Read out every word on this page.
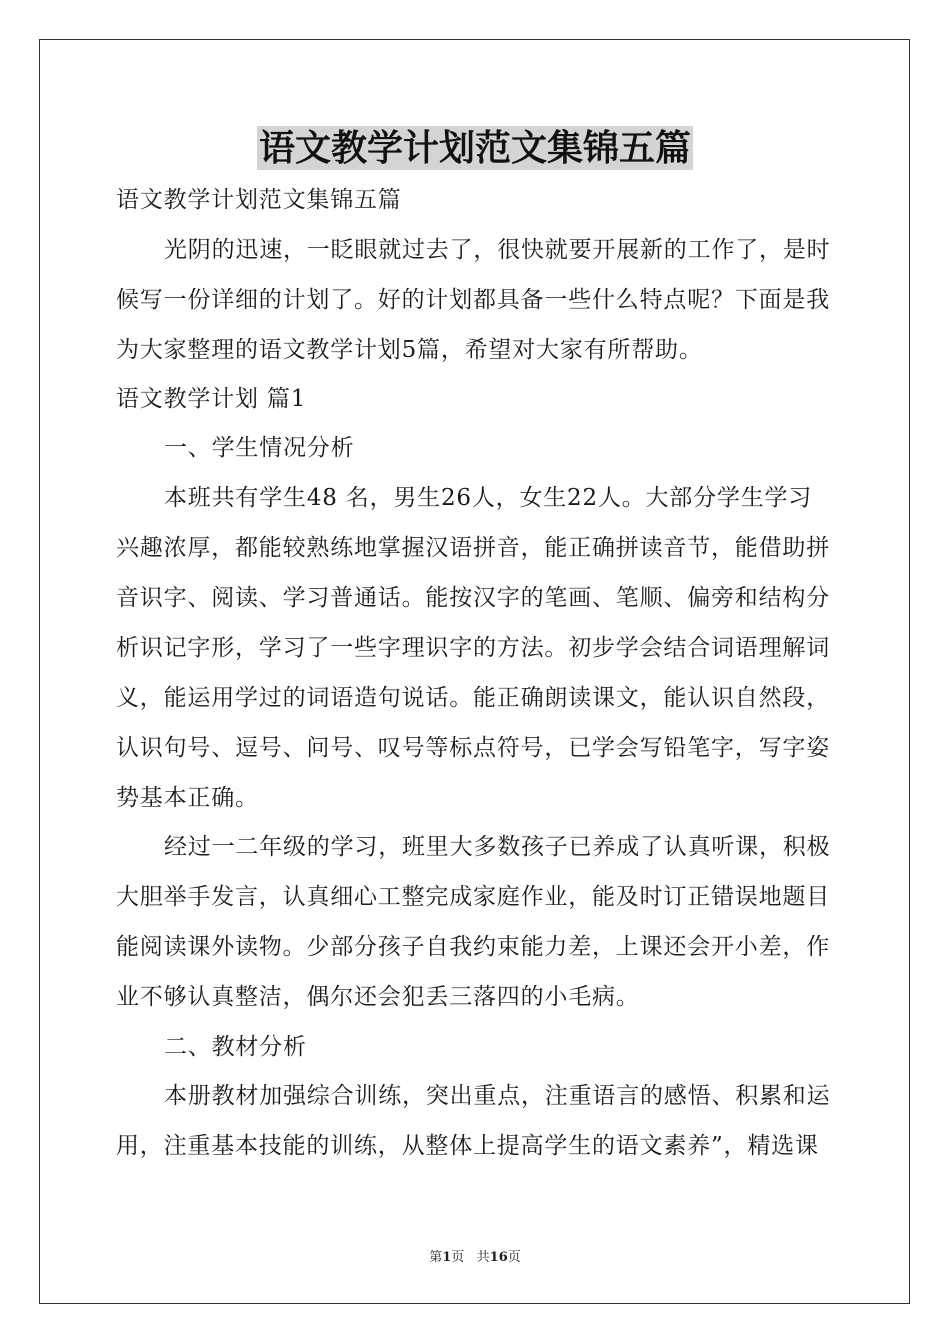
语文教学计划范文集锦五篇
语文教学计划范文集锦五篇
光阴的迅速，一眨眼就过去了，很快就要开展新的工作了，是时
候写一份详细的计划了。好的计划都具备一些什么特点呢？下面是我
为大家整理的语文教学计划5篇，希望对大家有所帮助。
语文教学计划 篇1
一、学生情况分析
本班共有学生48 名，男生26人，女生22人。大部分学生学习
兴趣浓厚，都能较熟练地掌握汉语拼音，能正确拼读音节，能借助拼
音识字、阅读、学习普通话。能按汉字的笔画、笔顺、偏旁和结构分
析识记字形，学习了一些字理识字的方法。初步学会结合词语理解词
义，能运用学过的词语造句说话。能正确朗读课文，能认识自然段，
认识句号、逗号、问号、叹号等标点符号，已学会写铅笔字，写字姿
势基本正确。
经过一二年级的学习，班里大多数孩子已养成了认真听课，积极
大胆举手发言，认真细心工整完成家庭作业，能及时订正错误地题目
能阅读课外读物。少部分孩子自我约束能力差，上课还会开小差，作
业不够认真整洁，偶尔还会犯丢三落四的小毛病。
二、教材分析
本册教材加强综合训练，突出重点，注重语言的感悟、积累和运
用，注重基本技能的训练，从整体上提高学生的语文素养”，精选课
第1页   共16页
